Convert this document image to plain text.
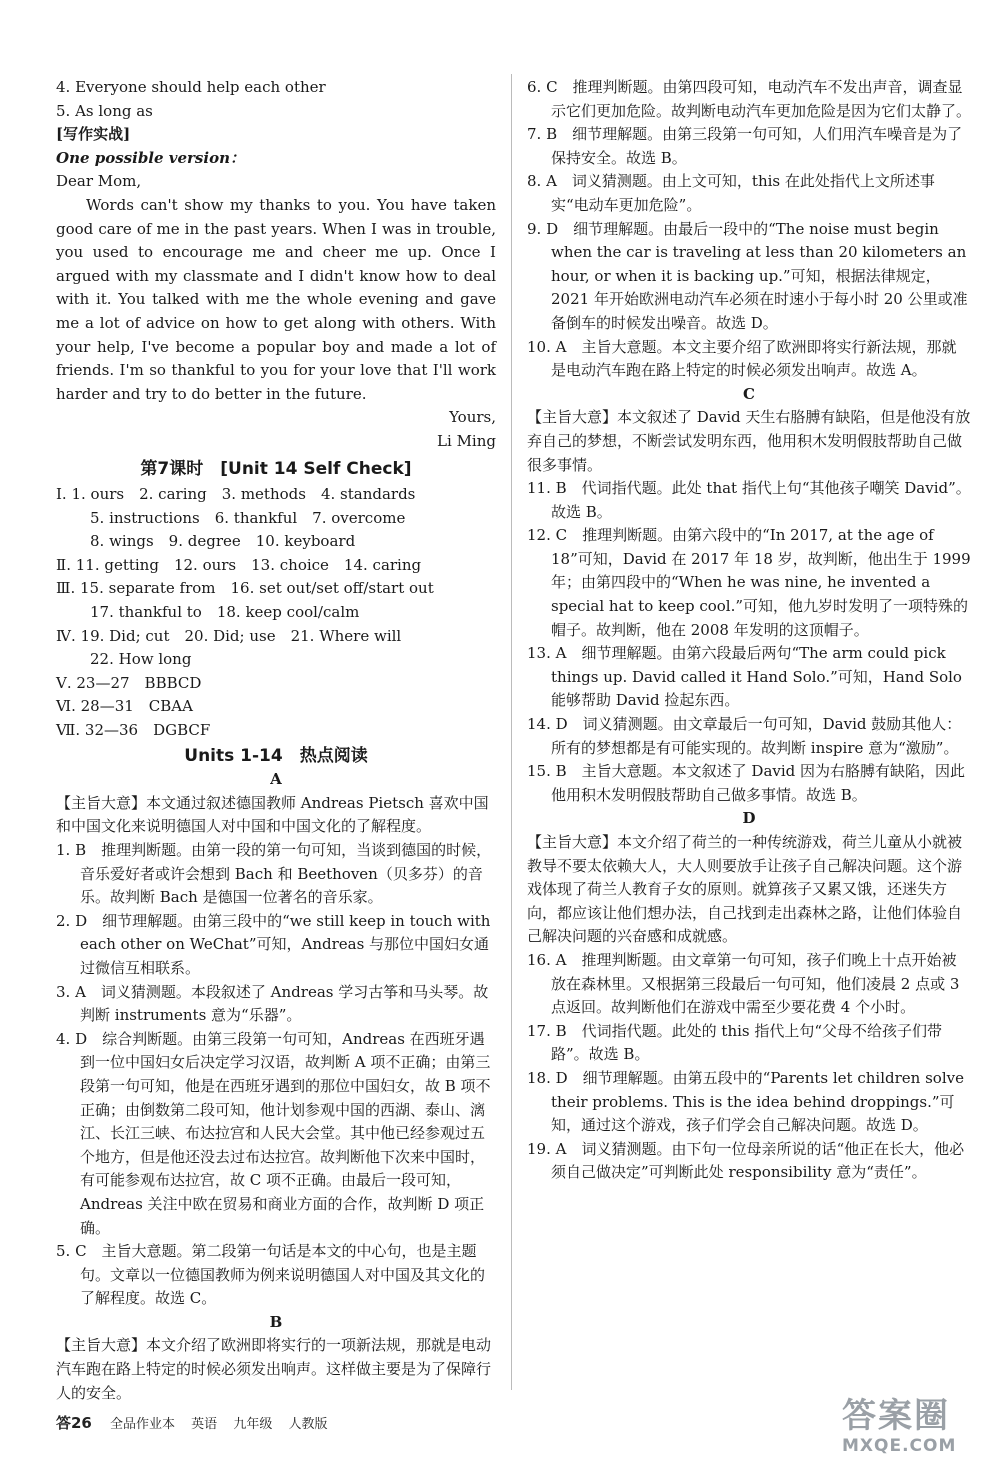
4. Everyone should help each other

5. As long as

[写作实战]

One possible version：

Dear Mom,

Words can't show my thanks to you. You have taken good care of me in the past years. When I was in trouble, you used to encourage me and cheer me up. Once I argued with my classmate and I didn't know how to deal with it. You talked with me the whole evening and gave me a lot of advice on how to get along with others. With your help, I've become a popular boy and made a lot of friends. I'm so thankful to you for your love that I'll work harder and try to do better in the future.

Yours,

Li Ming

第7课时　[Unit 14 Self Check]

Ⅰ. 1. ours　2. caring　3. methods　4. standards

5. instructions　6. thankful　7. overcome

8. wings　9. degree　10. keyboard

Ⅱ. 11. getting　12. ours　13. choice　14. caring

Ⅲ. 15. separate from　16. set out/set off/start out

17. thankful to　18. keep cool/calm

Ⅳ. 19. Did; cut　20. Did; use　21. Where will

22. How long

Ⅴ. 23—27　BBBCD

Ⅵ. 28—31　CBAA

Ⅶ. 32—36　DGBCF

Units 1-14　热点阅读

A

【主旨大意】本文通过叙述德国教师 Andreas Pietsch 喜欢中国和中国文化来说明德国人对中国和中国文化的了解程度。

1. B　推理判断题。由第一段的第一句可知，当谈到德国的时候，音乐爱好者或许会想到 Bach 和 Beethoven（贝多芬）的音乐。故判断 Bach 是德国一位著名的音乐家。

2. D　细节理解题。由第三段中的“we still keep in touch with each other on WeChat”可知，Andreas 与那位中国妇女通过微信互相联系。

3. A　词义猜测题。本段叙述了 Andreas 学习古筝和马头琴。故判断 instruments 意为“乐器”。

4. D　综合判断题。由第三段第一句可知，Andreas 在西班牙遇到一位中国妇女后决定学习汉语，故判断 A 项不正确；由第三段第一句可知，他是在西班牙遇到的那位中国妇女，故 B 项不正确；由倒数第二段可知，他计划参观中国的西湖、泰山、漓江、长江三峡、布达拉宫和人民大会堂。其中他已经参观过五个地方，但是他还没去过布达拉宫。故判断他下次来中国时，有可能参观布达拉宫，故 C 项不正确。由最后一段可知，Andreas 关注中欧在贸易和商业方面的合作，故判断 D 项正确。

5. C　主旨大意题。第二段第一句话是本文的中心句，也是主题句。文章以一位德国教师为例来说明德国人对中国及其文化的了解程度。故选 C。

B

【主旨大意】本文介绍了欧洲即将实行的一项新法规，那就是电动汽车跑在路上特定的时候必须发出响声。这样做主要是为了保障行人的安全。

6. C　推理判断题。由第四段可知，电动汽车不发出声音，调查显示它们更加危险。故判断电动汽车更加危险是因为它们太静了。

7. B　细节理解题。由第三段第一句可知，人们用汽车噪音是为了保持安全。故选 B。

8. A　词义猜测题。由上文可知，this 在此处指代上文所述事实“电动车更加危险”。

9. D　细节理解题。由最后一段中的“The noise must begin when the car is traveling at less than 20 kilometers an hour, or when it is backing up.”可知，根据法律规定，2021 年开始欧洲电动汽车必须在时速小于每小时 20 公里或准备倒车的时候发出噪音。故选 D。

10. A　主旨大意题。本文主要介绍了欧洲即将实行新法规，那就是电动汽车跑在路上特定的时候必须发出响声。故选 A。

C

【主旨大意】本文叙述了 David 天生右胳膊有缺陷，但是他没有放弃自己的梦想，不断尝试发明东西，他用积木发明假肢帮助自己做很多事情。

11. B　代词指代题。此处 that 指代上句“其他孩子嘲笑 David”。故选 B。

12. C　推理判断题。由第六段中的“In 2017, at the age of 18”可知，David 在 2017 年 18 岁，故判断，他出生于 1999 年；由第四段中的“When he was nine, he invented a special hat to keep cool.”可知，他九岁时发明了一项特殊的帽子。故判断，他在 2008 年发明的这顶帽子。

13. A　细节理解题。由第六段最后两句“The arm could pick things up. David called it Hand Solo.”可知，Hand Solo 能够帮助 David 捡起东西。

14. D　词义猜测题。由文章最后一句可知，David 鼓励其他人：所有的梦想都是有可能实现的。故判断 inspire 意为“激励”。

15. B　主旨大意题。本文叙述了 David 因为右胳膊有缺陷，因此他用积木发明假肢帮助自己做多事情。故选 B。

D

【主旨大意】本文介绍了荷兰的一种传统游戏，荷兰儿童从小就被教导不要太依赖大人，大人则要放手让孩子自己解决问题。这个游戏体现了荷兰人教育子女的原则。就算孩子又累又饿，还迷失方向，都应该让他们想办法，自己找到走出森林之路，让他们体验自己解决问题的兴奋感和成就感。

16. A　推理判断题。由文章第一句可知，孩子们晚上十点开始被放在森林里。又根据第三段最后一句可知，他们凌晨 2 点或 3 点返回。故判断他们在游戏中需至少要花费 4 个小时。

17. B　代词指代题。此处的 this 指代上句“父母不给孩子们带路”。故选 B。

18. D　细节理解题。由第五段中的“Parents let children solve their problems. This is the idea behind droppings.”可知，通过这个游戏，孩子们学会自己解决问题。故选 D。

19. A　词义猜测题。由下句一位母亲所说的话“他正在长大，他必须自己做决定”可判断此处 responsibility 意为“责任”。

答26 全品作业本 英语 九年级 人教版	答案圈
MXQE.COM
